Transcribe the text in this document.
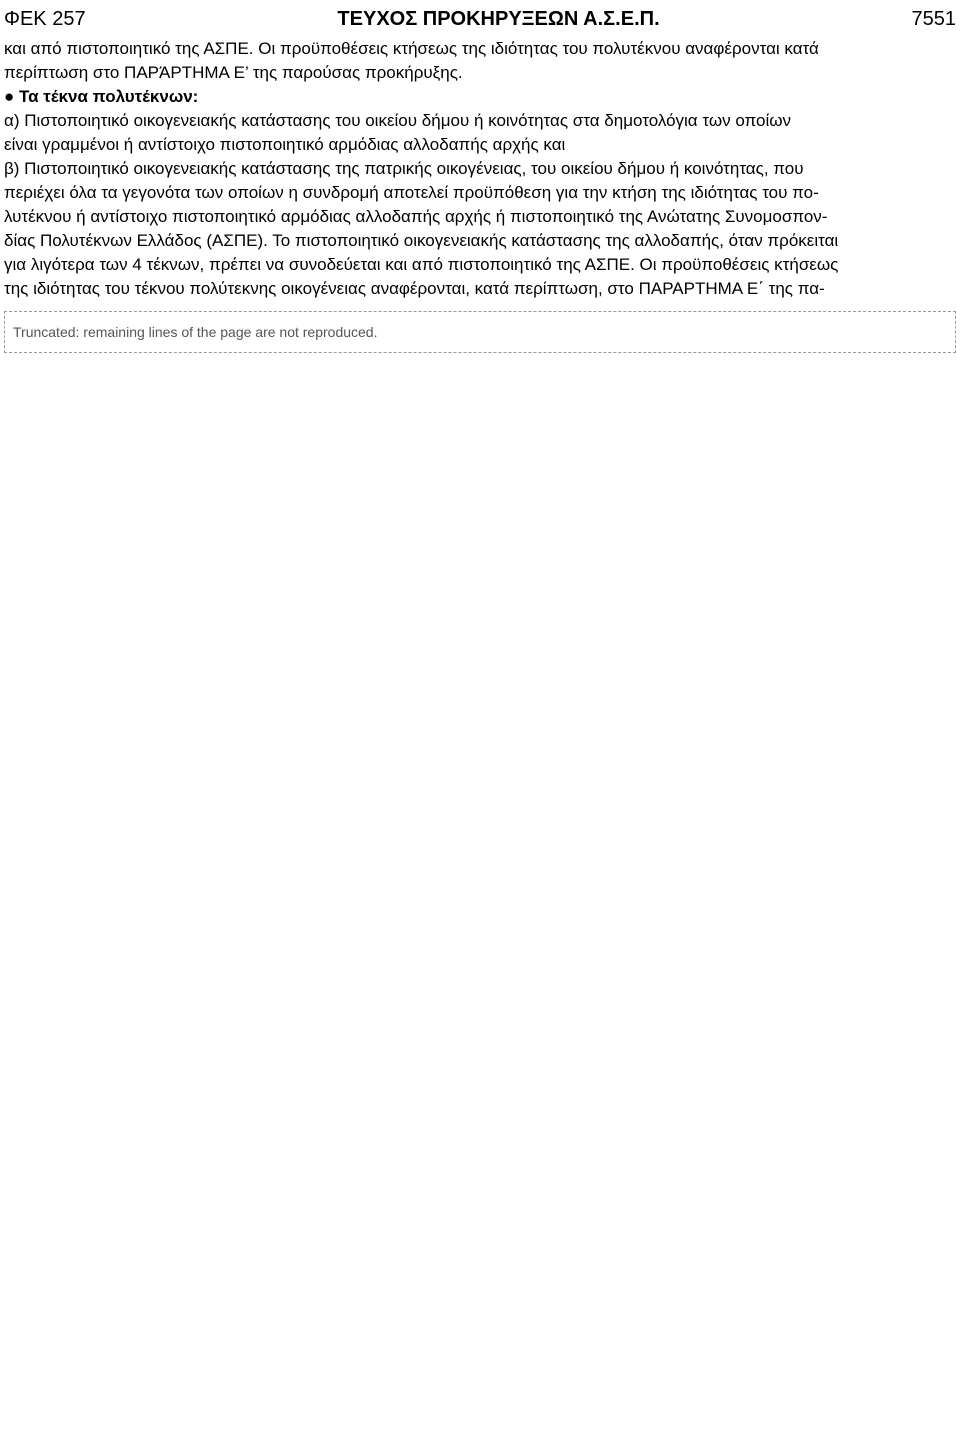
ΦΕΚ 257	ΤΕΥΧΟΣ ΠΡΟΚΗΡΥΞΕΩΝ Α.Σ.Ε.Π.	7551
και από πιστοποιητικό της ΑΣΠΕ. Οι προϋποθέσεις κτήσεως της ιδιότητας του πολυτέκνου αναφέρονται κατά
περίπτωση στο ΠΑΡΆΡΤΗΜΑ Ε’ της παρούσας προκήρυξης.
● Τα τέκνα πολυτέκνων:
α) Πιστοποιητικό οικογενειακής κατάστασης του οικείου δήμου ή κοινότητας στα δημοτολόγια των οποίων
είναι γραμμένοι ή αντίστοιχο πιστοποιητικό αρμόδιας αλλοδαπής αρχής και
β) Πιστοποιητικό οικογενειακής κατάστασης της πατρικής οικογένειας, του οικείου δήμου ή κοινότητας, που
περιέχει όλα τα γεγονότα των οποίων η συνδρομή αποτελεί προϋπόθεση για την κτήση της ιδιότητας του πο-
λυτέκνου ή αντίστοιχο πιστοποιητικό αρμόδιας αλλοδαπής αρχής ή πιστοποιητικό της Ανώτατης Συνομοσπον-
δίας Πολυτέκνων Ελλάδος (ΑΣΠΕ). Το πιστοποιητικό οικογενειακής κατάστασης της αλλοδαπής, όταν πρόκειται
για λιγότερα των 4 τέκνων, πρέπει να συνοδεύεται και από πιστοποιητικό της ΑΣΠΕ. Οι προϋποθέσεις κτήσεως
της ιδιότητας του τέκνου πολύτεκνης οικογένειας αναφέρονται, κατά περίπτωση, στο ΠΑΡΑΡΤΗΜΑ Ε΄ της πα-
Truncated: remaining lines of the page are not reproduced.
